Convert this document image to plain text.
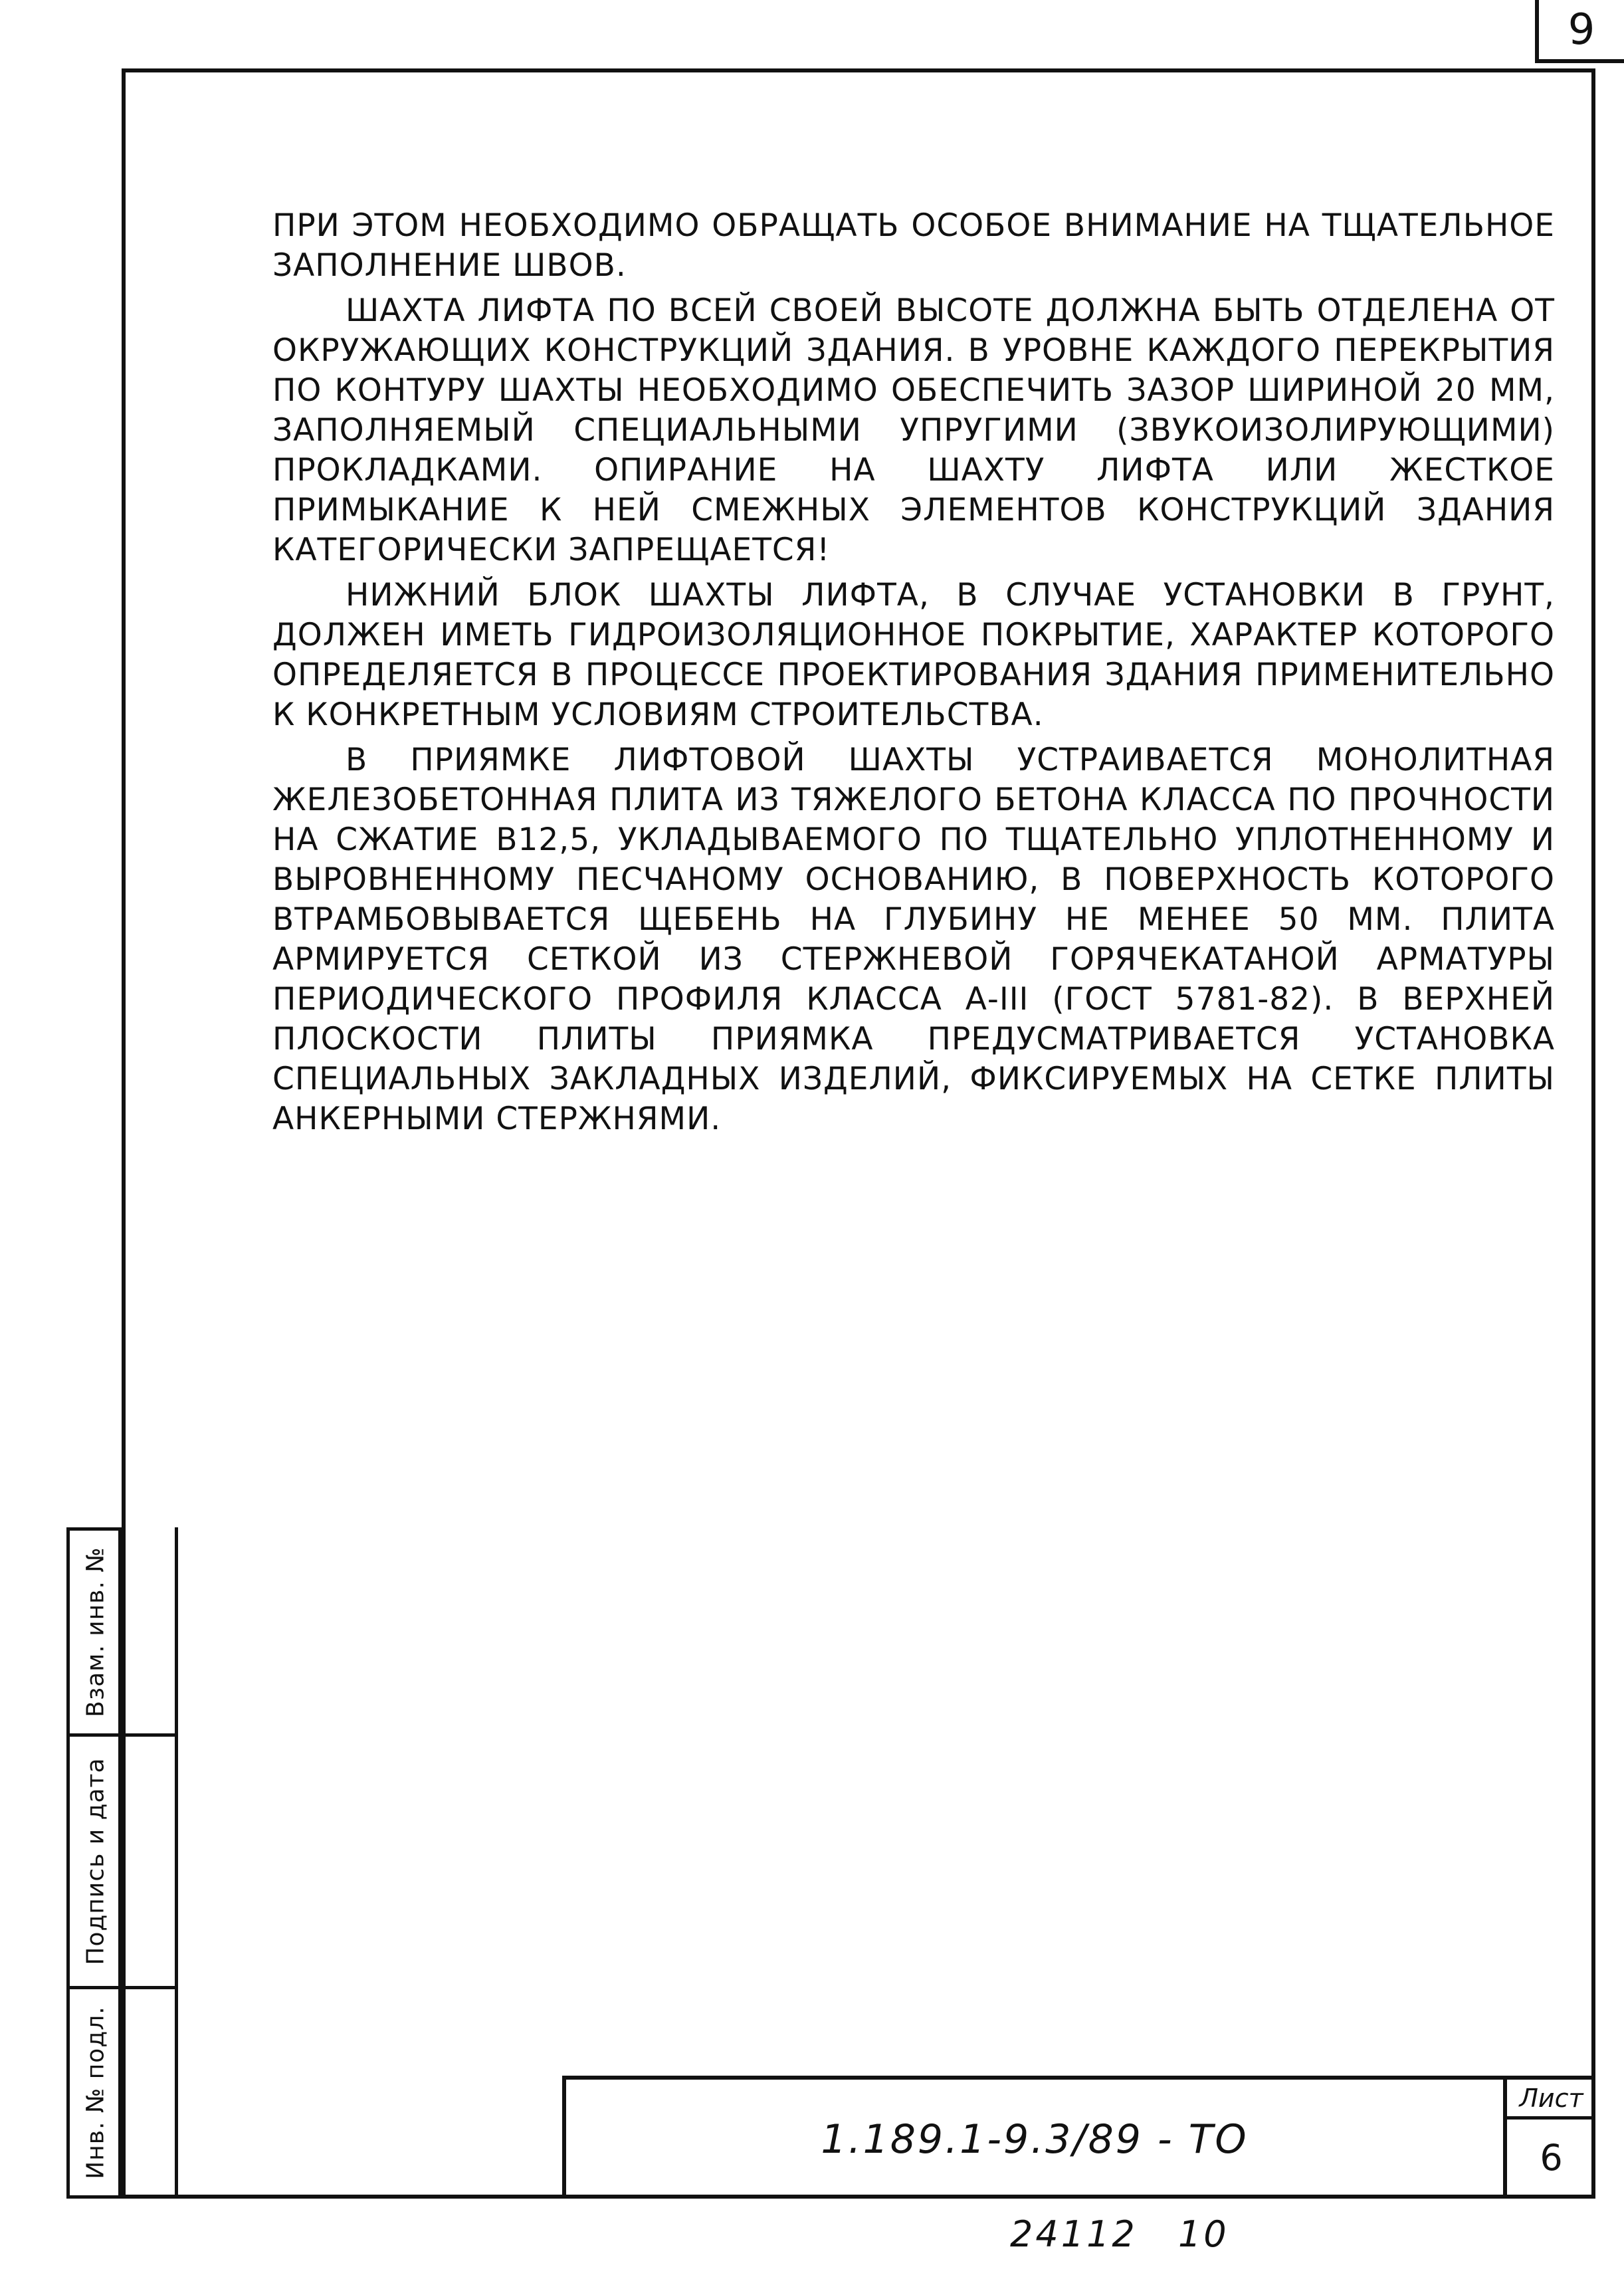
9

ПРИ ЭТОМ НЕОБХОДИМО ОБРАЩАТЬ ОСОБОЕ ВНИМАНИЕ НА ТЩАТЕЛЬНОЕ ЗАПОЛНЕНИЕ ШВОВ.

ШАХТА ЛИФТА ПО ВСЕЙ СВОЕЙ ВЫСОТЕ ДОЛЖНА БЫТЬ ОТДЕЛЕНА ОТ ОКРУЖАЮЩИХ КОНСТРУКЦИЙ ЗДАНИЯ. В УРОВНЕ КАЖДОГО ПЕРЕКРЫТИЯ ПО КОНТУРУ ШАХТЫ НЕОБХОДИМО ОБЕСПЕЧИТЬ ЗАЗОР ШИРИНОЙ 20 ММ, ЗАПОЛНЯЕМЫЙ СПЕЦИАЛЬНЫМИ УПРУГИМИ (ЗВУКОИЗОЛИРУЮЩИМИ) ПРОКЛАДКАМИ. ОПИРАНИЕ НА ШАХТУ ЛИФТА ИЛИ ЖЕСТКОЕ ПРИМЫКАНИЕ К НЕЙ СМЕЖНЫХ ЭЛЕМЕНТОВ КОНСТРУКЦИЙ ЗДАНИЯ КАТЕГОРИЧЕСКИ ЗАПРЕЩАЕТСЯ!

НИЖНИЙ БЛОК ШАХТЫ ЛИФТА, В СЛУЧАЕ УСТАНОВКИ В ГРУНТ, ДОЛЖЕН ИМЕТЬ ГИДРОИЗОЛЯЦИОННОЕ ПОКРЫТИЕ, ХАРАКТЕР КОТОРОГО ОПРЕДЕЛЯЕТСЯ В ПРОЦЕССЕ ПРОЕКТИРОВАНИЯ ЗДАНИЯ ПРИМЕНИТЕЛЬНО К КОНКРЕТНЫМ УСЛОВИЯМ СТРОИТЕЛЬСТВА.

В ПРИЯМКЕ ЛИФТОВОЙ ШАХТЫ УСТРАИВАЕТСЯ МОНОЛИТНАЯ ЖЕЛЕЗОБЕТОННАЯ ПЛИТА ИЗ ТЯЖЕЛОГО БЕТОНА КЛАССА ПО ПРОЧНОСТИ НА СЖАТИЕ В12,5, УКЛАДЫВАЕМОГО ПО ТЩАТЕЛЬНО УПЛОТНЕННОМУ И ВЫРОВНЕННОМУ ПЕСЧАНОМУ ОСНОВАНИЮ, В ПОВЕРХНОСТЬ КОТОРОГО ВТРАМБОВЫВАЕТСЯ ЩЕБЕНЬ НА ГЛУБИНУ НЕ МЕНЕЕ 50 ММ. ПЛИТА АРМИРУЕТСЯ СЕТКОЙ ИЗ СТЕРЖНЕВОЙ ГОРЯЧЕКАТАНОЙ АРМАТУРЫ ПЕРИОДИЧЕСКОГО ПРОФИЛЯ КЛАССА А-III (ГОСТ 5781-82). В ВЕРХНЕЙ ПЛОСКОСТИ ПЛИТЫ ПРИЯМКА ПРЕДУСМАТРИВАЕТСЯ УСТАНОВКА СПЕЦИАЛЬНЫХ ЗАКЛАДНЫХ ИЗДЕЛИЙ, ФИКСИРУЕМЫХ НА СЕТКЕ ПЛИТЫ АНКЕРНЫМИ СТЕРЖНЯМИ.

Взам. инв. №
Подпись и дата
Инв. № подл.	1.189.1-9.3/89 - ТО
Лист
6
24112 10
